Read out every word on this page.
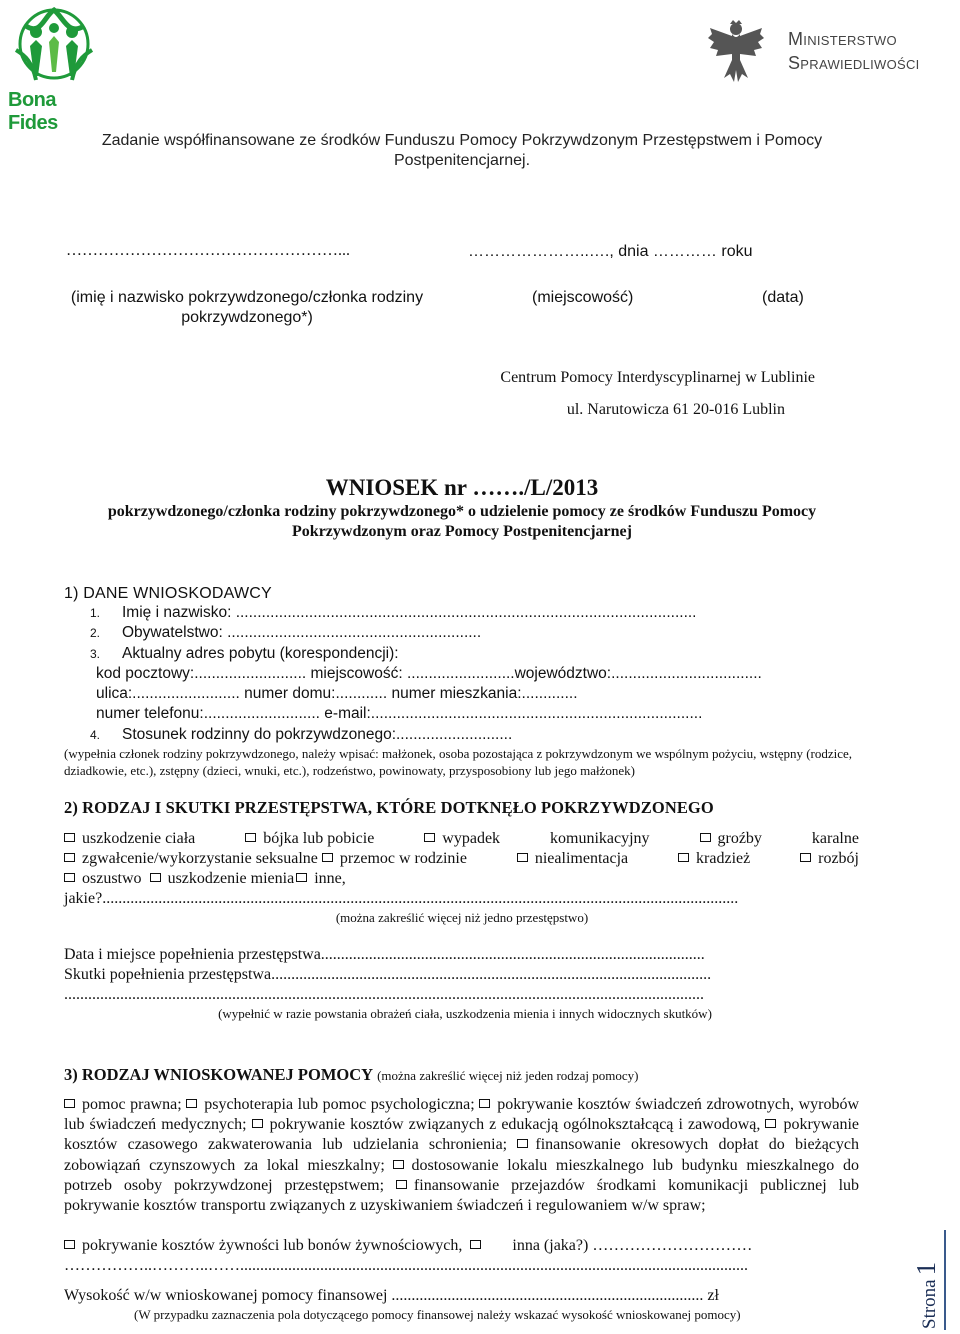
Bona Fides
Ministerstwo
Sprawiedliwości
Zadanie współfinansowane ze środków Funduszu Pomocy Pokrzywdzonym Przestępstwem i Pomocy Postpenitencjarnej.
……………………………………………...	…………………..…., dnia ………… roku
(imię i nazwisko pokrzywdzonego/członka rodziny pokrzywdzonego*)
(miejscowość)	(data)
Centrum Pomocy Interdyscyplinarnej w Lublinie
ul. Narutowicza 61 20-016 Lublin
WNIOSEK nr ……./L/2013
pokrzywdzonego/członka rodziny pokrzywdzonego* o udzielenie pomocy ze środków Funduszu Pomocy Pokrzywdzonym oraz Pomocy Postpenitencjarnej
1) DANE WNIOSKODAWCY
1. Imię i nazwisko: ...........................................................................................................
2. Obywatelstwo: ...........................................................
3. Aktualny adres pobytu (korespondencji):
kod pocztowy:.......................... miejscowość: .........................województwo:...................................
ulica:......................... numer domu:............ numer mieszkania:.............
numer telefonu:........................... e-mail:.............................................................................
4. Stosunek rodzinny do pokrzywdzonego:...........................
(wypełnia członek rodziny pokrzywdzonego, należy wpisać: małżonek, osoba pozostająca z pokrzywdzonym we wspólnym pożyciu, wstępny (rodzice, dziadkowie, etc.), zstępny (dzieci, wnuki, etc.), rodzeństwo, powinowaty, przysposobiony lub jego małżonek)
2) RODZAJ I SKUTKI PRZESTĘPSTWA, KTÓRE DOTKNĘŁO POKRZYWDZONEGO
uszkodzenie ciała	bójka lub pobicie	wypadek	komunikacyjny	groźby	karalne
zgwałcenie/wykorzystanie seksualne przemoc w rodzinie	niealimentacja	kradzież	rozbój
oszustwo uszkodzenie mienia inne,
jakie?...............................................................................................................................................................
(można zakreślić więcej niż jedno przestępstwo)
Data i miejsce popełnienia przestępstwa................................................................................................
Skutki popełnienia przestępstwa..............................................................................................................
................................................................................................................................................................
(wypełnić w razie powstania obrażeń ciała, uszkodzenia mienia i innych widocznych skutków)
3) RODZAJ WNIOSKOWANEJ POMOCY (można zakreślić więcej niż jeden rodzaj pomocy)
pomoc prawna; psychoterapia lub pomoc psychologiczna; pokrywanie kosztów świadczeń zdrowotnych, wyrobów lub świadczeń medycznych; pokrywanie kosztów związanych z edukacją ogólnokształcącą i zawodową, pokrywanie kosztów czasowego zakwaterowania lub udzielania schronienia; finansowanie okresowych dopłat do bieżących zobowiązań czynszowych za lokal mieszkalny; dostosowanie lokalu mieszkalnego lub budynku mieszkalnego do potrzeb osoby pokrzywdzonej przestępstwem; finansowanie przejazdów środkami komunikacji publicznej lub pokrywanie kosztów transportu związanych z uzyskiwaniem świadczeń i regulowaniem w/w spraw;
pokrywanie kosztów żywności lub bonów żywnościowych,	inna (jaka?) …………………………
……………..………..……...............................................................................................................................
Wysokość w/w wnioskowanej pomocy finansowej .............................................................................. zł
(W przypadku zaznaczenia pola dotyczącego pomocy finansowej należy wskazać wysokość wnioskowanej pomocy)	Strona 1
